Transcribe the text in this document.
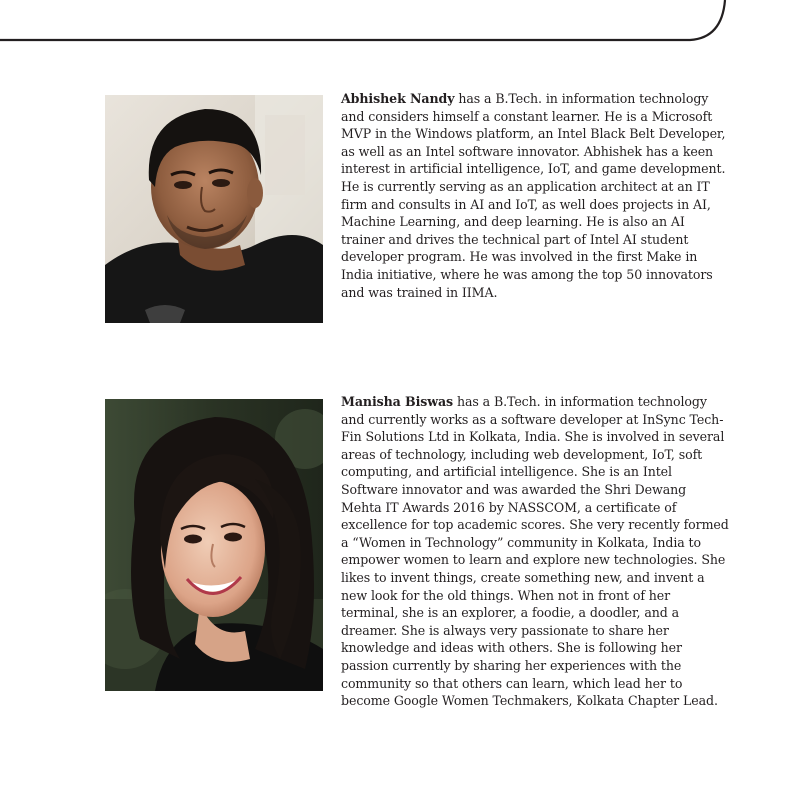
Abhishek Nandy has a B.Tech. in information technology and considers himself a constant learner. He is a Microsoft MVP in the Windows platform, an Intel Black Belt Developer, as well as an Intel software innovator. Abhishek has a keen interest in artificial intelligence, IoT, and game development. He is currently serving as an application architect at an IT firm and consults in AI and IoT, as well does projects in AI, Machine Learning, and deep learning. He is also an AI trainer and drives the technical part of Intel AI student developer program. He was involved in the first Make in India initiative, where he was among the top 50 innovators and was trained in IIMA.

Manisha Biswas has a B.Tech. in information technology and currently works as a software developer at InSync Tech-Fin Solutions Ltd in Kolkata, India. She is involved in several areas of technology, including web development, IoT, soft computing, and artificial intelligence. She is an Intel Software innovator and was awarded the Shri Dewang Mehta IT Awards 2016 by NASSCOM, a certificate of excellence for top academic scores. She very recently formed a “Women in Technology” community in Kolkata, India to empower women to learn and explore new technologies. She likes to invent things, create something new, and invent a new look for the old things. When not in front of her terminal, she is an explorer, a foodie, a doodler, and a dreamer. She is always very passionate to share her knowledge and ideas with others. She is following her passion currently by sharing her experiences with the community so that others can learn, which lead her to become Google Women Techmakers, Kolkata Chapter Lead.
